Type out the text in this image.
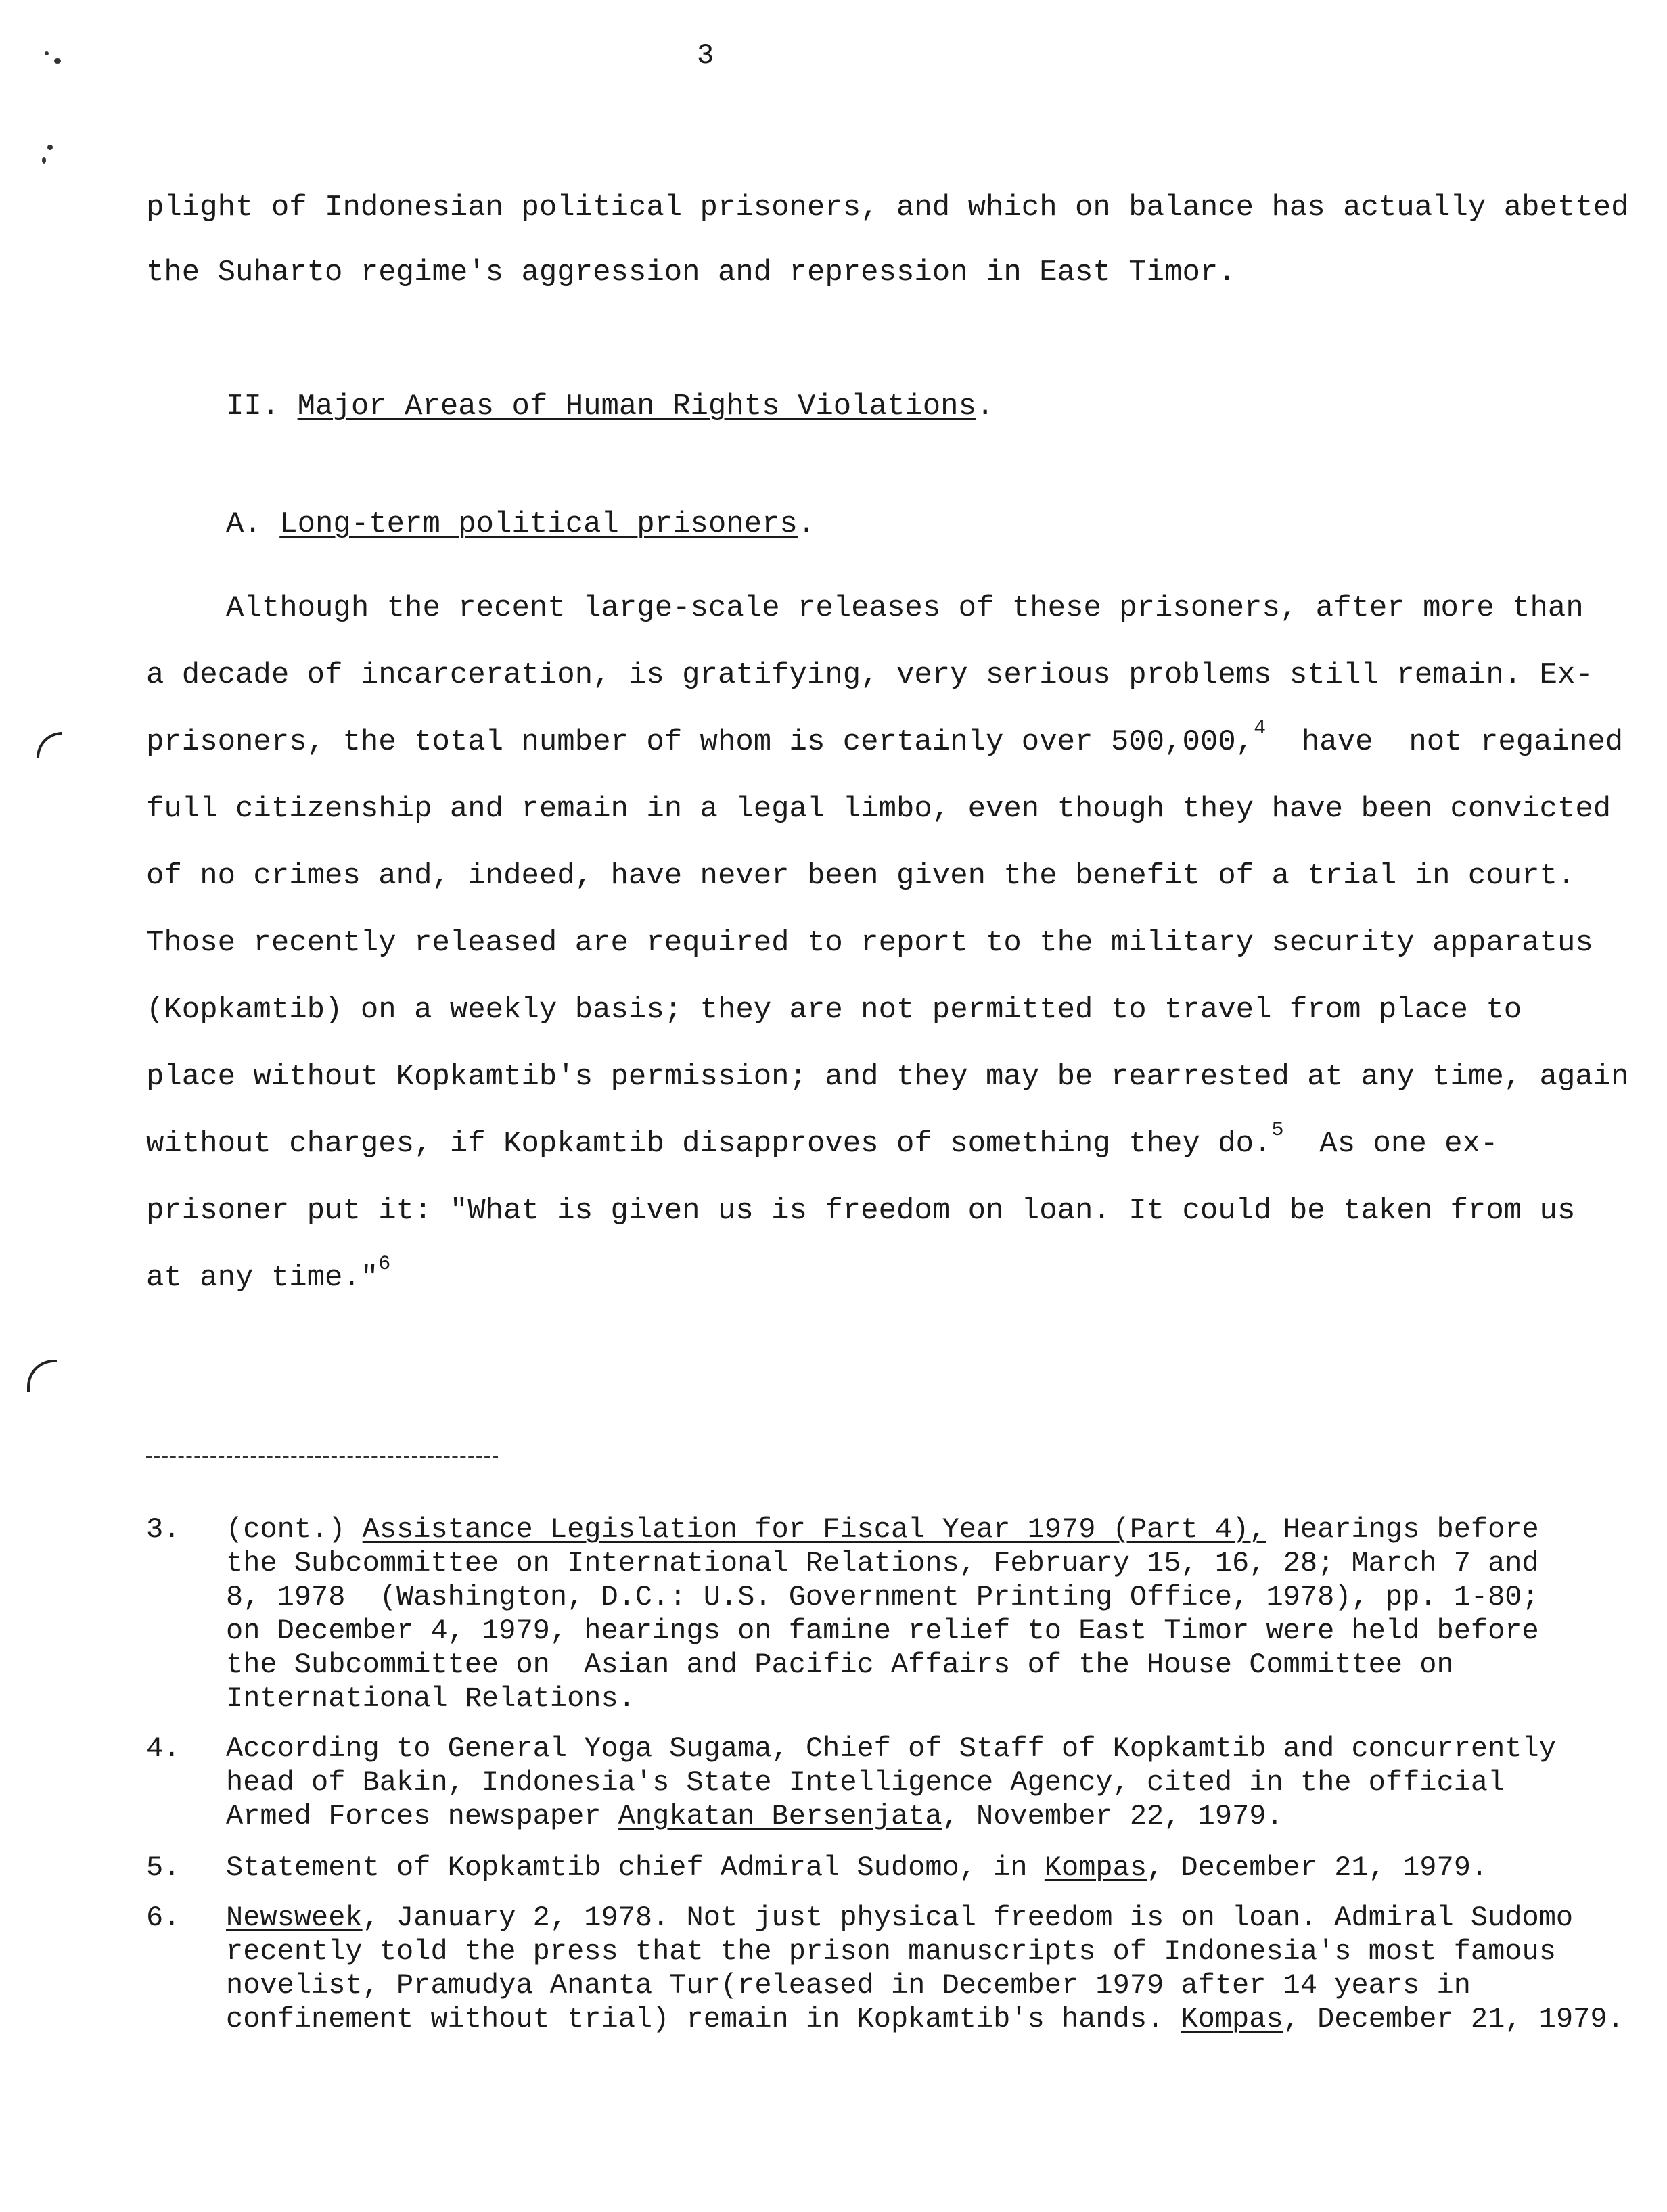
3
plight of Indonesian political prisoners, and which on balance has actually abetted
the Suharto regime's aggression and repression in East Timor.
II. Major Areas of Human Rights Violations.
A. Long-term political prisoners.
Although the recent large-scale releases of these prisoners, after more than
a decade of incarceration, is gratifying, very serious problems still remain. Ex-
prisoners, the total number of whom is certainly over 500,000,$^4$  have  not regained
full citizenship and remain in a legal limbo, even though they have been convicted
of no crimes and, indeed, have never been given the benefit of a trial in court.
Those recently released are required to report to the military security apparatus
(Kopkamtib) on a weekly basis; they are not permitted to travel from place to
place without Kopkamtib's permission; and they may be rearrested at any time, again
without charges, if Kopkamtib disapproves of something they do.$^5$  As one ex-
prisoner put it: "What is given us is freedom on loan. It could be taken from us
at any time."$^6$
3. (cont.) Assistance Legislation for Fiscal Year 1979 (Part 4), Hearings before
the Subcommittee on International Relations, February 15, 16, 28; March 7 and
8, 1978  (Washington, D.C.: U.S. Government Printing Office, 1978), pp. 1-80;
on December 4, 1979, hearings on famine relief to East Timor were held before
the Subcommittee on  Asian and Pacific Affairs of the House Committee on
International Relations.
4. According to General Yoga Sugama, Chief of Staff of Kopkamtib and concurrently
head of Bakin, Indonesia's State Intelligence Agency, cited in the official
Armed Forces newspaper Angkatan Bersenjata, November 22, 1979.
5. Statement of Kopkamtib chief Admiral Sudomo, in Kompas, December 21, 1979.
6. Newsweek, January 2, 1978. Not just physical freedom is on loan. Admiral Sudomo
recently told the press that the prison manuscripts of Indonesia's most famous
novelist, Pramudya Ananta Tur(released in December 1979 after 14 years in
confinement without trial) remain in Kopkamtib's hands. Kompas, December 21, 1979.
